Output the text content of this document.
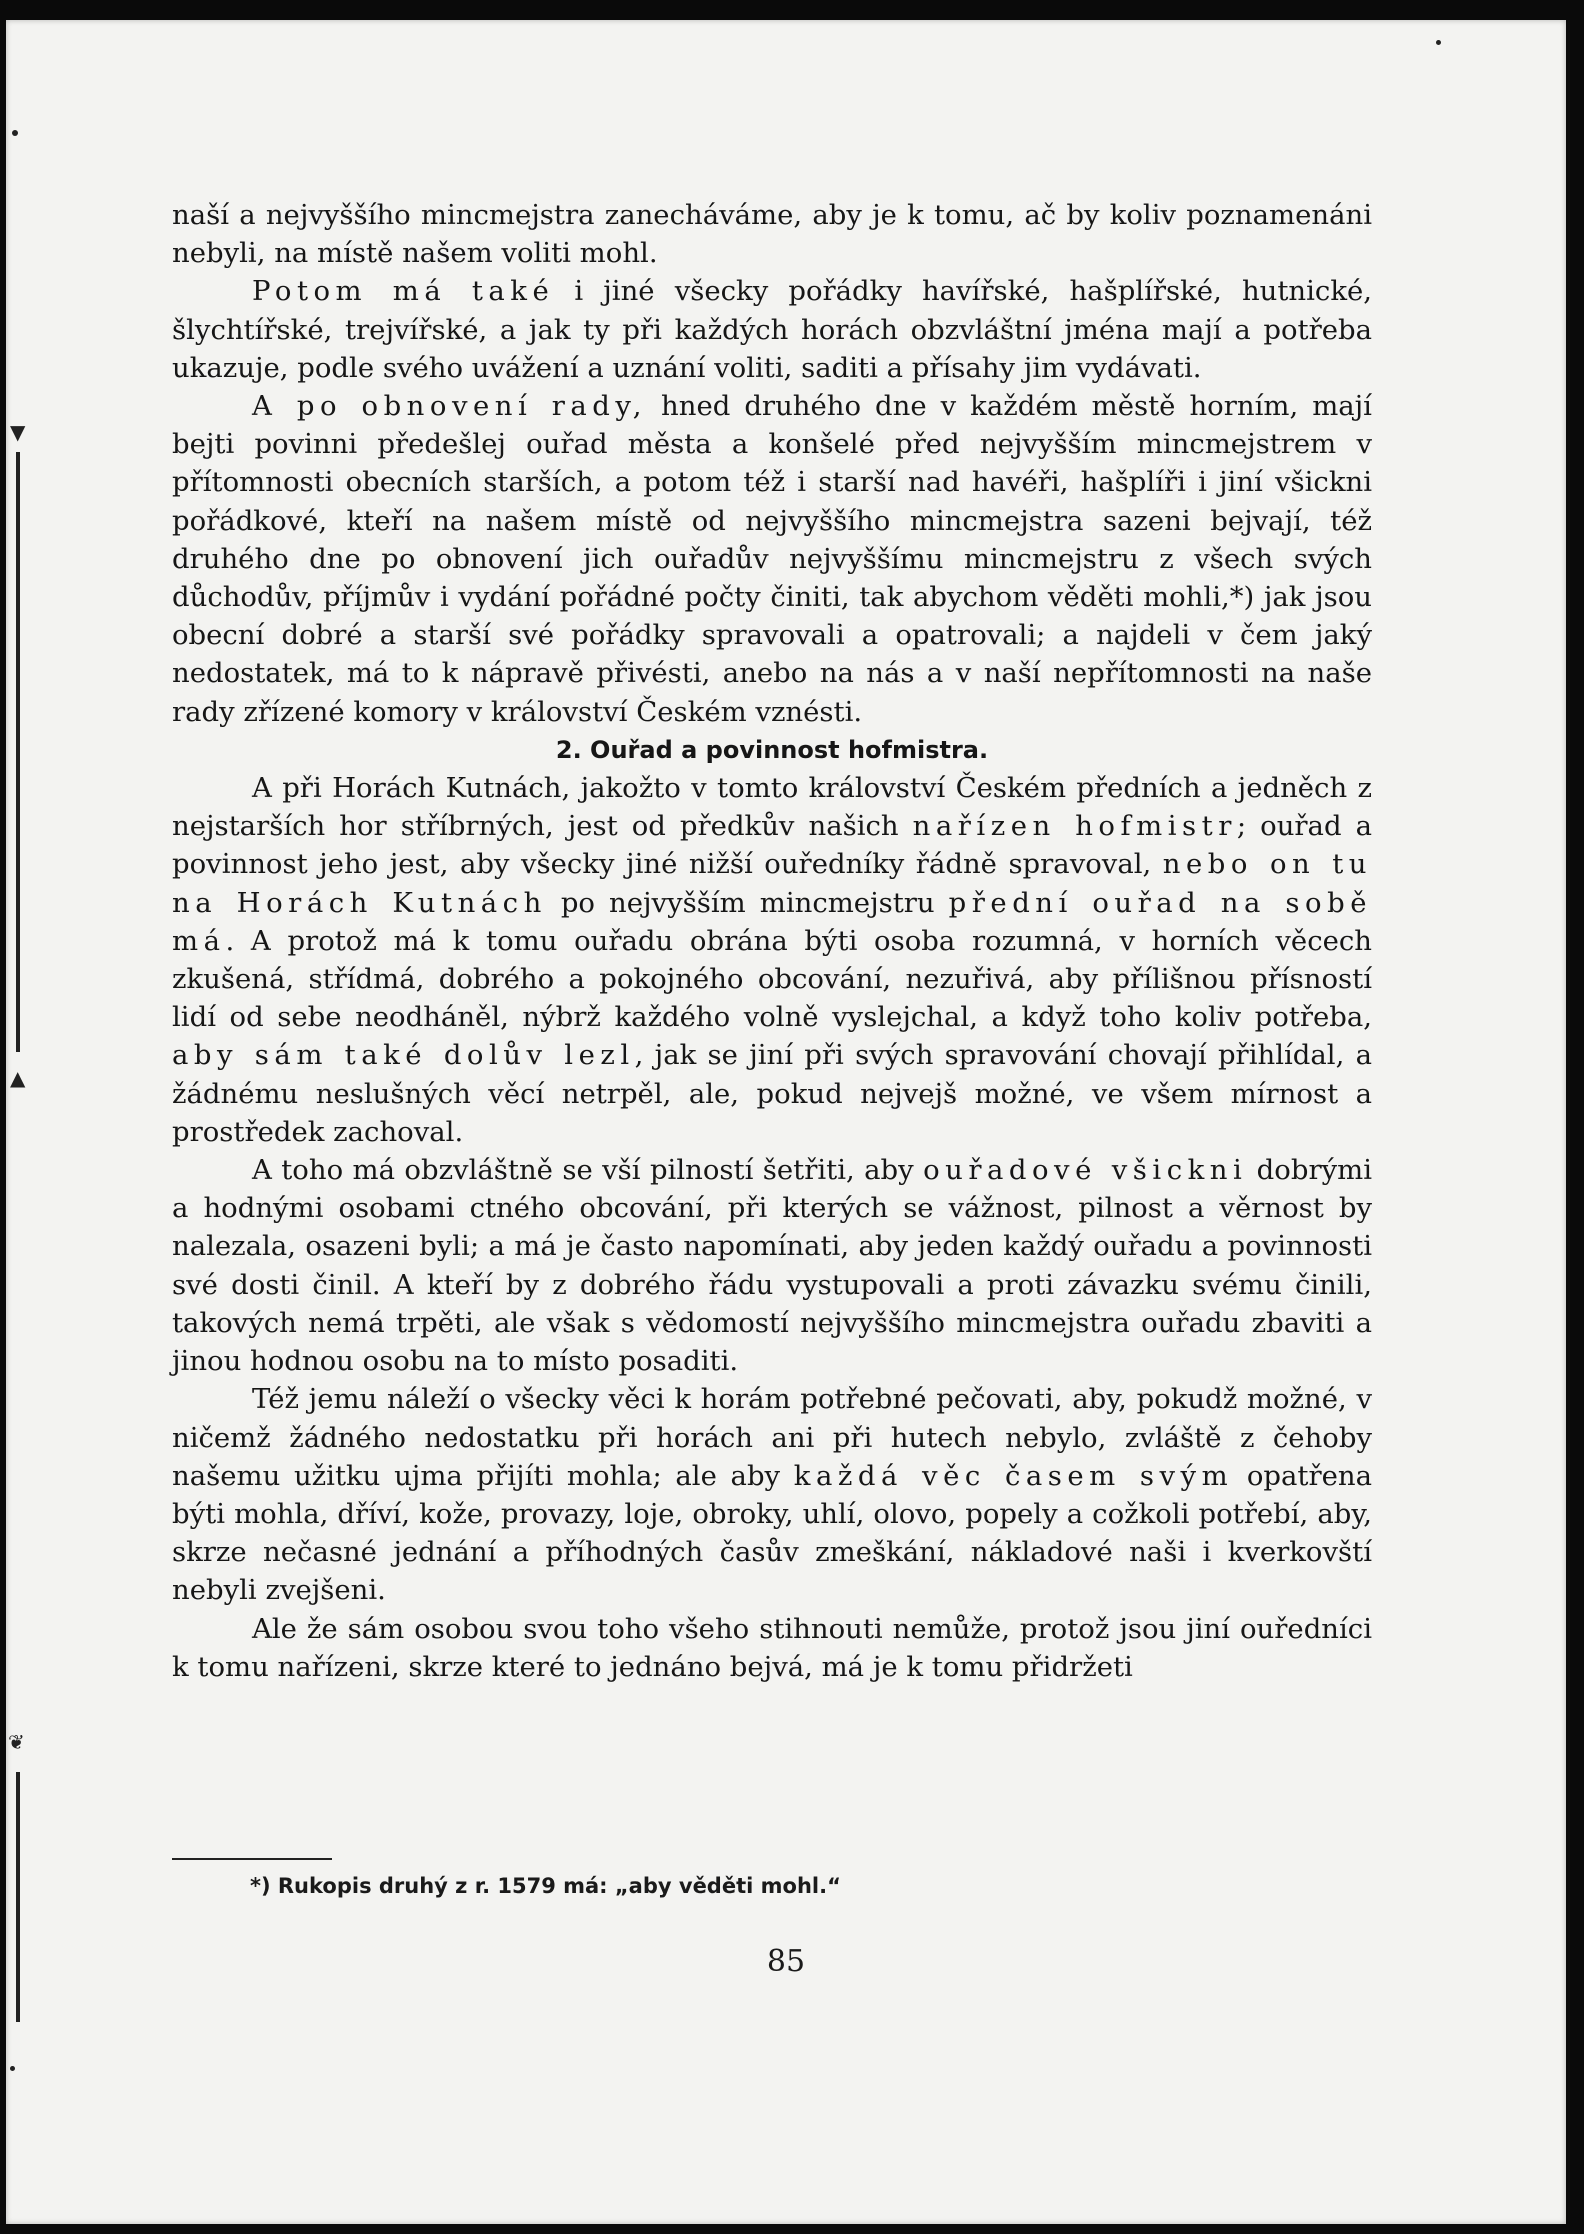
▼
▲
❦

naší a nejvyššího mincmejstra zanecháváme, aby je k tomu, ač by koliv poznamenáni nebyli, na místě našem voliti mohl.

Potom má také i jiné všecky pořádky havířské, hašplířské, hutnické, šlychtířské, trejvířské, a jak ty při každých horách obzvláštní jména mají a potřeba ukazuje, podle svého uvážení a uznání voliti, saditi a přísahy jim vydávati.

A po obnovení rady, hned druhého dne v každém městě horním, mají bejti povinni předešlej ouřad města a konšelé před nejvyšším mincmejstrem v přítomnosti obecních starších, a potom též i starší nad havéři, hašplíři i jiní všickni pořádkové, kteří na našem místě od nejvyššího mincmejstra sazeni bejvají, též druhého dne po obnovení jich ouřadův nejvyššímu mincmejstru z všech svých důchodův, příjmův i vydání pořádné počty činiti, tak abychom věděti mohli,*) jak jsou obecní dobré a starší své pořádky spravovali a opatrovali; a najdeli v čem jaký nedostatek, má to k nápravě přivésti, anebo na nás a v naší nepřítomnosti na naše rady zřízené komory v království Českém vznésti.

2. Ouřad a povinnost hofmistra.

A při Horách Kutnách, jakožto v tomto království Českém předních a jedněch z nejstarších hor stříbrných, jest od předkův našich nařízen hofmistr; ouřad a povinnost jeho jest, aby všecky jiné nižší ouředníky řádně spravoval, nebo on tu na Horách Kutnách po nejvyšším mincmejstru přední ouřad na sobě má. A protož má k tomu ouřadu obrána býti osoba rozumná, v horních věcech zkušená, střídmá, dobrého a pokojného obcování, nezuřivá, aby přílišnou přísností lidí od sebe neodháněl, nýbrž každého volně vyslejchal, a když toho koliv potřeba, aby sám také dolův lezl, jak se jiní při svých spravování chovají přihlídal, a žádnému neslušných věcí netrpěl, ale, pokud nejvejš možné, ve všem mírnost a prostředek zachoval.

A toho má obzvláštně se vší pilností šetřiti, aby ouřadové všickni dobrými a hodnými osobami ctného obcování, při kterých se vážnost, pilnost a věrnost by nalezala, osazeni byli; a má je často napomínati, aby jeden každý ouřadu a povinnosti své dosti činil. A kteří by z dobrého řádu vystupovali a proti závazku svému činili, takových nemá trpěti, ale však s vědomostí nejvyššího mincmejstra ouřadu zbaviti a jinou hodnou osobu na to místo posaditi.

Též jemu náleží o všecky věci k horám potřebné pečovati, aby, pokudž možné, v ničemž žádného nedostatku při horách ani při hutech nebylo, zvláště z čehoby našemu užitku ujma přijíti mohla; ale aby každá věc časem svým opatřena býti mohla, dříví, kože, provazy, loje, obroky, uhlí, olovo, popely a cožkoli potřebí, aby, skrze nečasné jednání a příhodných časův zmeškání, nákladové naši i kverkovští nebyli zvejšeni.

Ale že sám osobou svou toho všeho stihnouti nemůže, protož jsou jiní ouředníci k tomu nařízeni, skrze které to jednáno bejvá, má je k tomu přidržeti

*) Rukopis druhý z r. 1579 má: „aby věděti mohl.“
85
